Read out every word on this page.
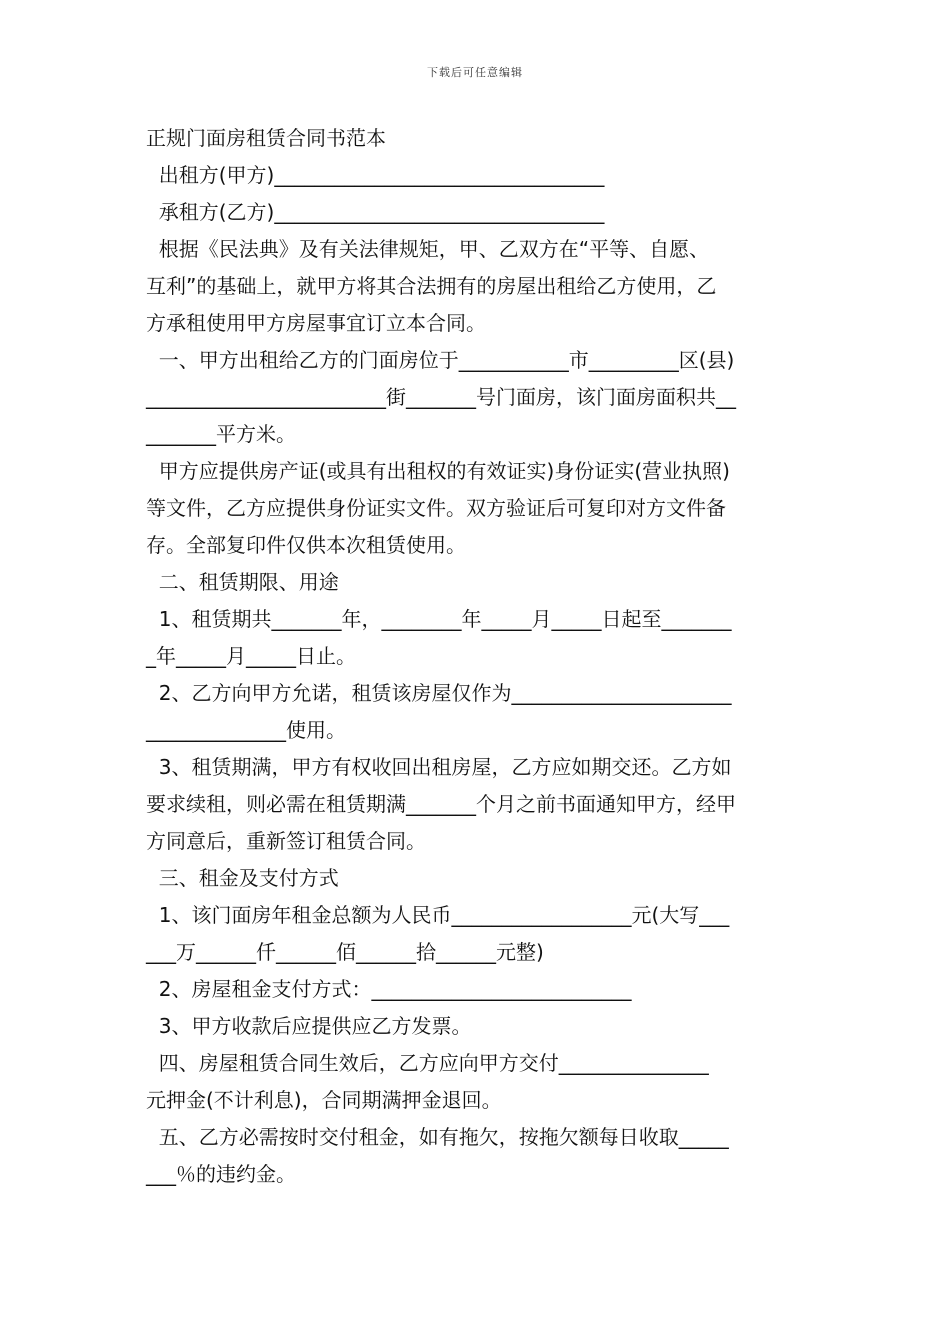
下载后可任意编辑
正规门面房租赁合同书范本
出租方(甲方)_________________________________
承租方(乙方)_________________________________
根据《民法典》及有关法律规矩，甲、乙双方在“平等、自愿、
互利”的基础上，就甲方将其合法拥有的房屋出租给乙方使用，乙
方承租使用甲方房屋事宜订立本合同。
一、甲方出租给乙方的门面房位于___________市_________区(县)
________________________街_______号门面房，该门面房面积共__
_______平方米。
甲方应提供房产证(或具有出租权的有效证实)身份证实(营业执照)
等文件，乙方应提供身份证实文件。双方验证后可复印对方文件备
存。全部复印件仅供本次租赁使用。
二、租赁期限、用途
1、租赁期共_______年，________年_____月_____日起至_______
_年_____月_____日止。
2、乙方向甲方允诺，租赁该房屋仅作为______________________
______________使用。
3、租赁期满，甲方有权收回出租房屋，乙方应如期交还。乙方如
要求续租，则必需在租赁期满_______个月之前书面通知甲方，经甲
方同意后，重新签订租赁合同。
三、租金及支付方式
1、该门面房年租金总额为人民币__________________元(大写___
___万______仟______佰______拾______元整)
2、房屋租金支付方式：__________________________
3、甲方收款后应提供应乙方发票。
四、房屋租赁合同生效后，乙方应向甲方交付_______________
元押金(不计利息)，合同期满押金退回。
五、乙方必需按时交付租金，如有拖欠，按拖欠额每日收取_____
___％的违约金。
